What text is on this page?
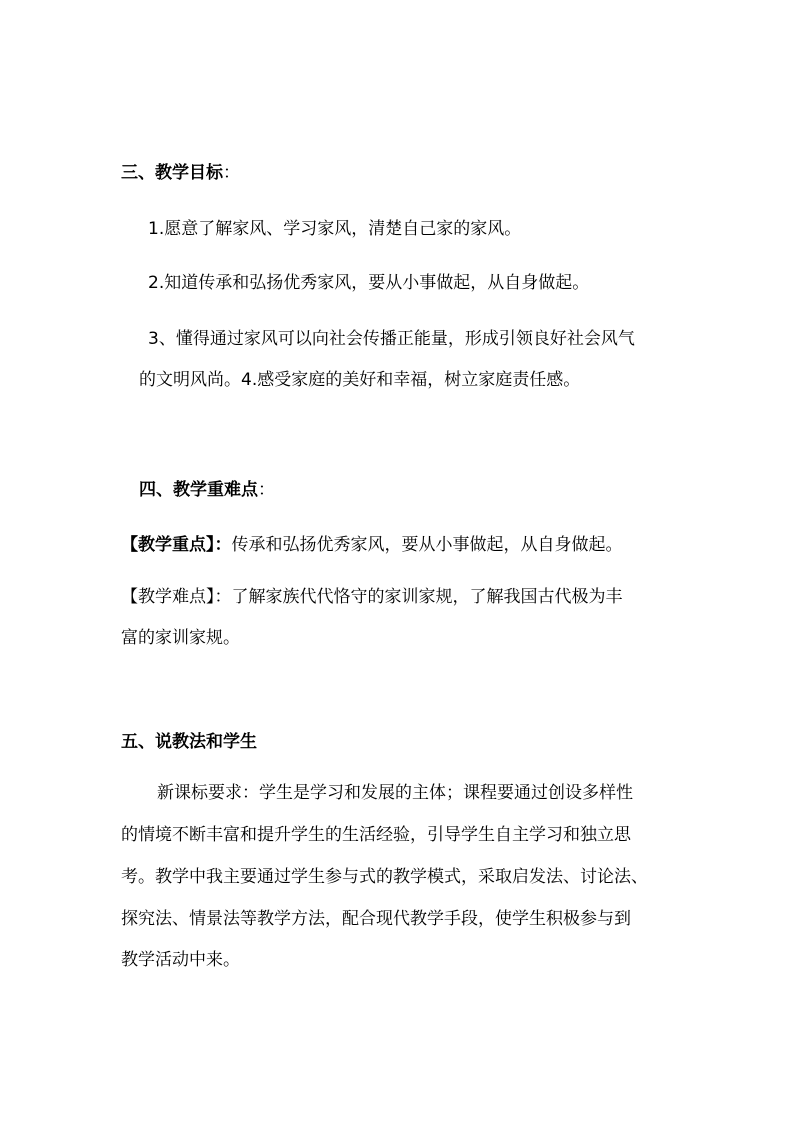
三、教学目标：
1.愿意了解家风、学习家风，清楚自己家的家风。
2.知道传承和弘扬优秀家风，要从小事做起，从自身做起。
3、懂得通过家风可以向社会传播正能量，形成引领良好社会风气
的文明风尚。4.感受家庭的美好和幸福，树立家庭责任感。
四、教学重难点：
【教学重点】：传承和弘扬优秀家风，要从小事做起，从自身做起。
【教学难点】：了解家族代代恪守的家训家规，了解我国古代极为丰
富的家训家规。
五、说教法和学生
新课标要求：学生是学习和发展的主体；课程要通过创设多样性
的情境不断丰富和提升学生的生活经验，引导学生自主学习和独立思
考。教学中我主要通过学生参与式的教学模式，采取启发法、讨论法、
探究法、情景法等教学方法，配合现代教学手段，使学生积极参与到
教学活动中来。
